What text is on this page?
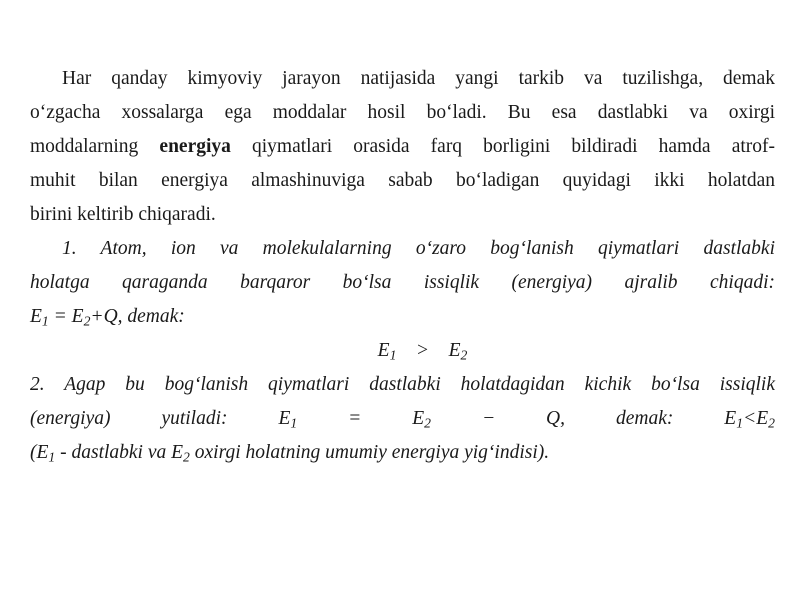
Har qanday kimyoviy jarayon natijasida yangi tarkib va tuzilishga, demak
o‘zgacha xossalarga ega moddalar hosil bo‘ladi. Bu esa dastlabki va oxirgi
moddalarning energiya qiymatlari orasida farq borligini bildiradi hamda atrof-
muhit bilan energiya almashinuviga sabab bo‘ladigan quyidagi ikki holatdan
birini keltirib chiqaradi.
1. Atom, ion va molekulalarning o‘zaro bog‘lanish qiymatlari dastlabki
holatga qaraganda barqaror bo‘lsa issiqlik (energiya) ajralib chiqadi:
$E_1 = E_2+Q$, demak:
$E_1 > E_2$
2. Agap bu bog‘lanish qiymatlari dastlabki holatdagidan kichik bo‘lsa issiqlik
(energiya)	yutiladi:	$E_1$	=	$E_2$	−	Q,	demak:	$E_1<E_2$
($E_1$ - dastlabki va $E_2$ oxirgi holatning umumiy energiya yig‘indisi).
